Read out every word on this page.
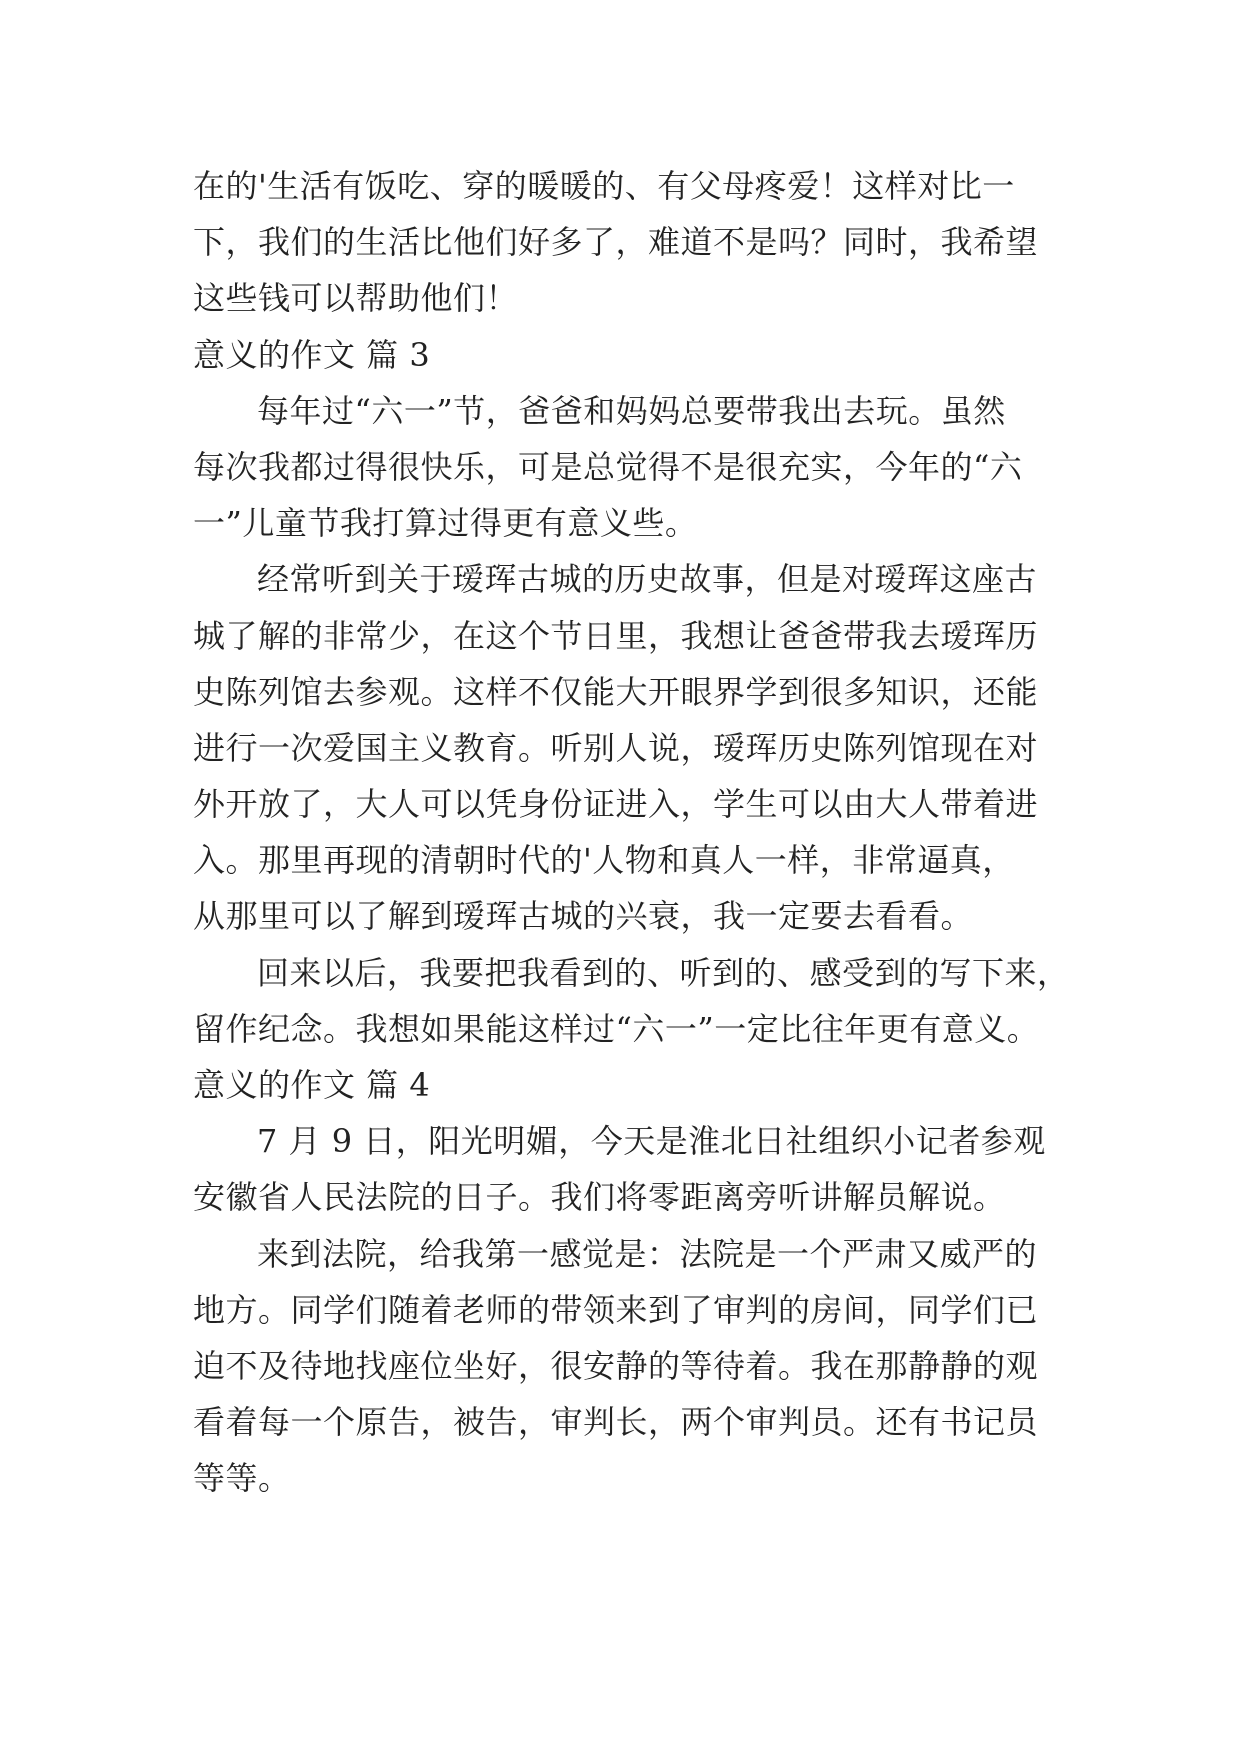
在的'生活有饭吃、穿的暖暖的、有父母疼爱！这样对比一
下，我们的生活比他们好多了，难道不是吗？同时，我希望
这些钱可以帮助他们！
意义的作文 篇 3
每年过“六一”节，爸爸和妈妈总要带我出去玩。虽然
每次我都过得很快乐，可是总觉得不是很充实，今年的“六
一”儿童节我打算过得更有意义些。
经常听到关于瑷珲古城的历史故事，但是对瑷珲这座古
城了解的非常少，在这个节日里，我想让爸爸带我去瑷珲历
史陈列馆去参观。这样不仅能大开眼界学到很多知识，还能
进行一次爱国主义教育。听别人说，瑷珲历史陈列馆现在对
外开放了，大人可以凭身份证进入，学生可以由大人带着进
入。那里再现的清朝时代的'人物和真人一样，非常逼真，
从那里可以了解到瑷珲古城的兴衰，我一定要去看看。
回来以后，我要把我看到的、听到的、感受到的写下来，
留作纪念。我想如果能这样过“六一”一定比往年更有意义。
意义的作文 篇 4
7 月 9 日，阳光明媚，今天是淮北日社组织小记者参观
安徽省人民法院的日子。我们将零距离旁听讲解员解说。
来到法院，给我第一感觉是：法院是一个严肃又威严的
地方。同学们随着老师的带领来到了审判的房间，同学们已
迫不及待地找座位坐好，很安静的等待着。我在那静静的观
看着每一个原告，被告，审判长，两个审判员。还有书记员
等等。
